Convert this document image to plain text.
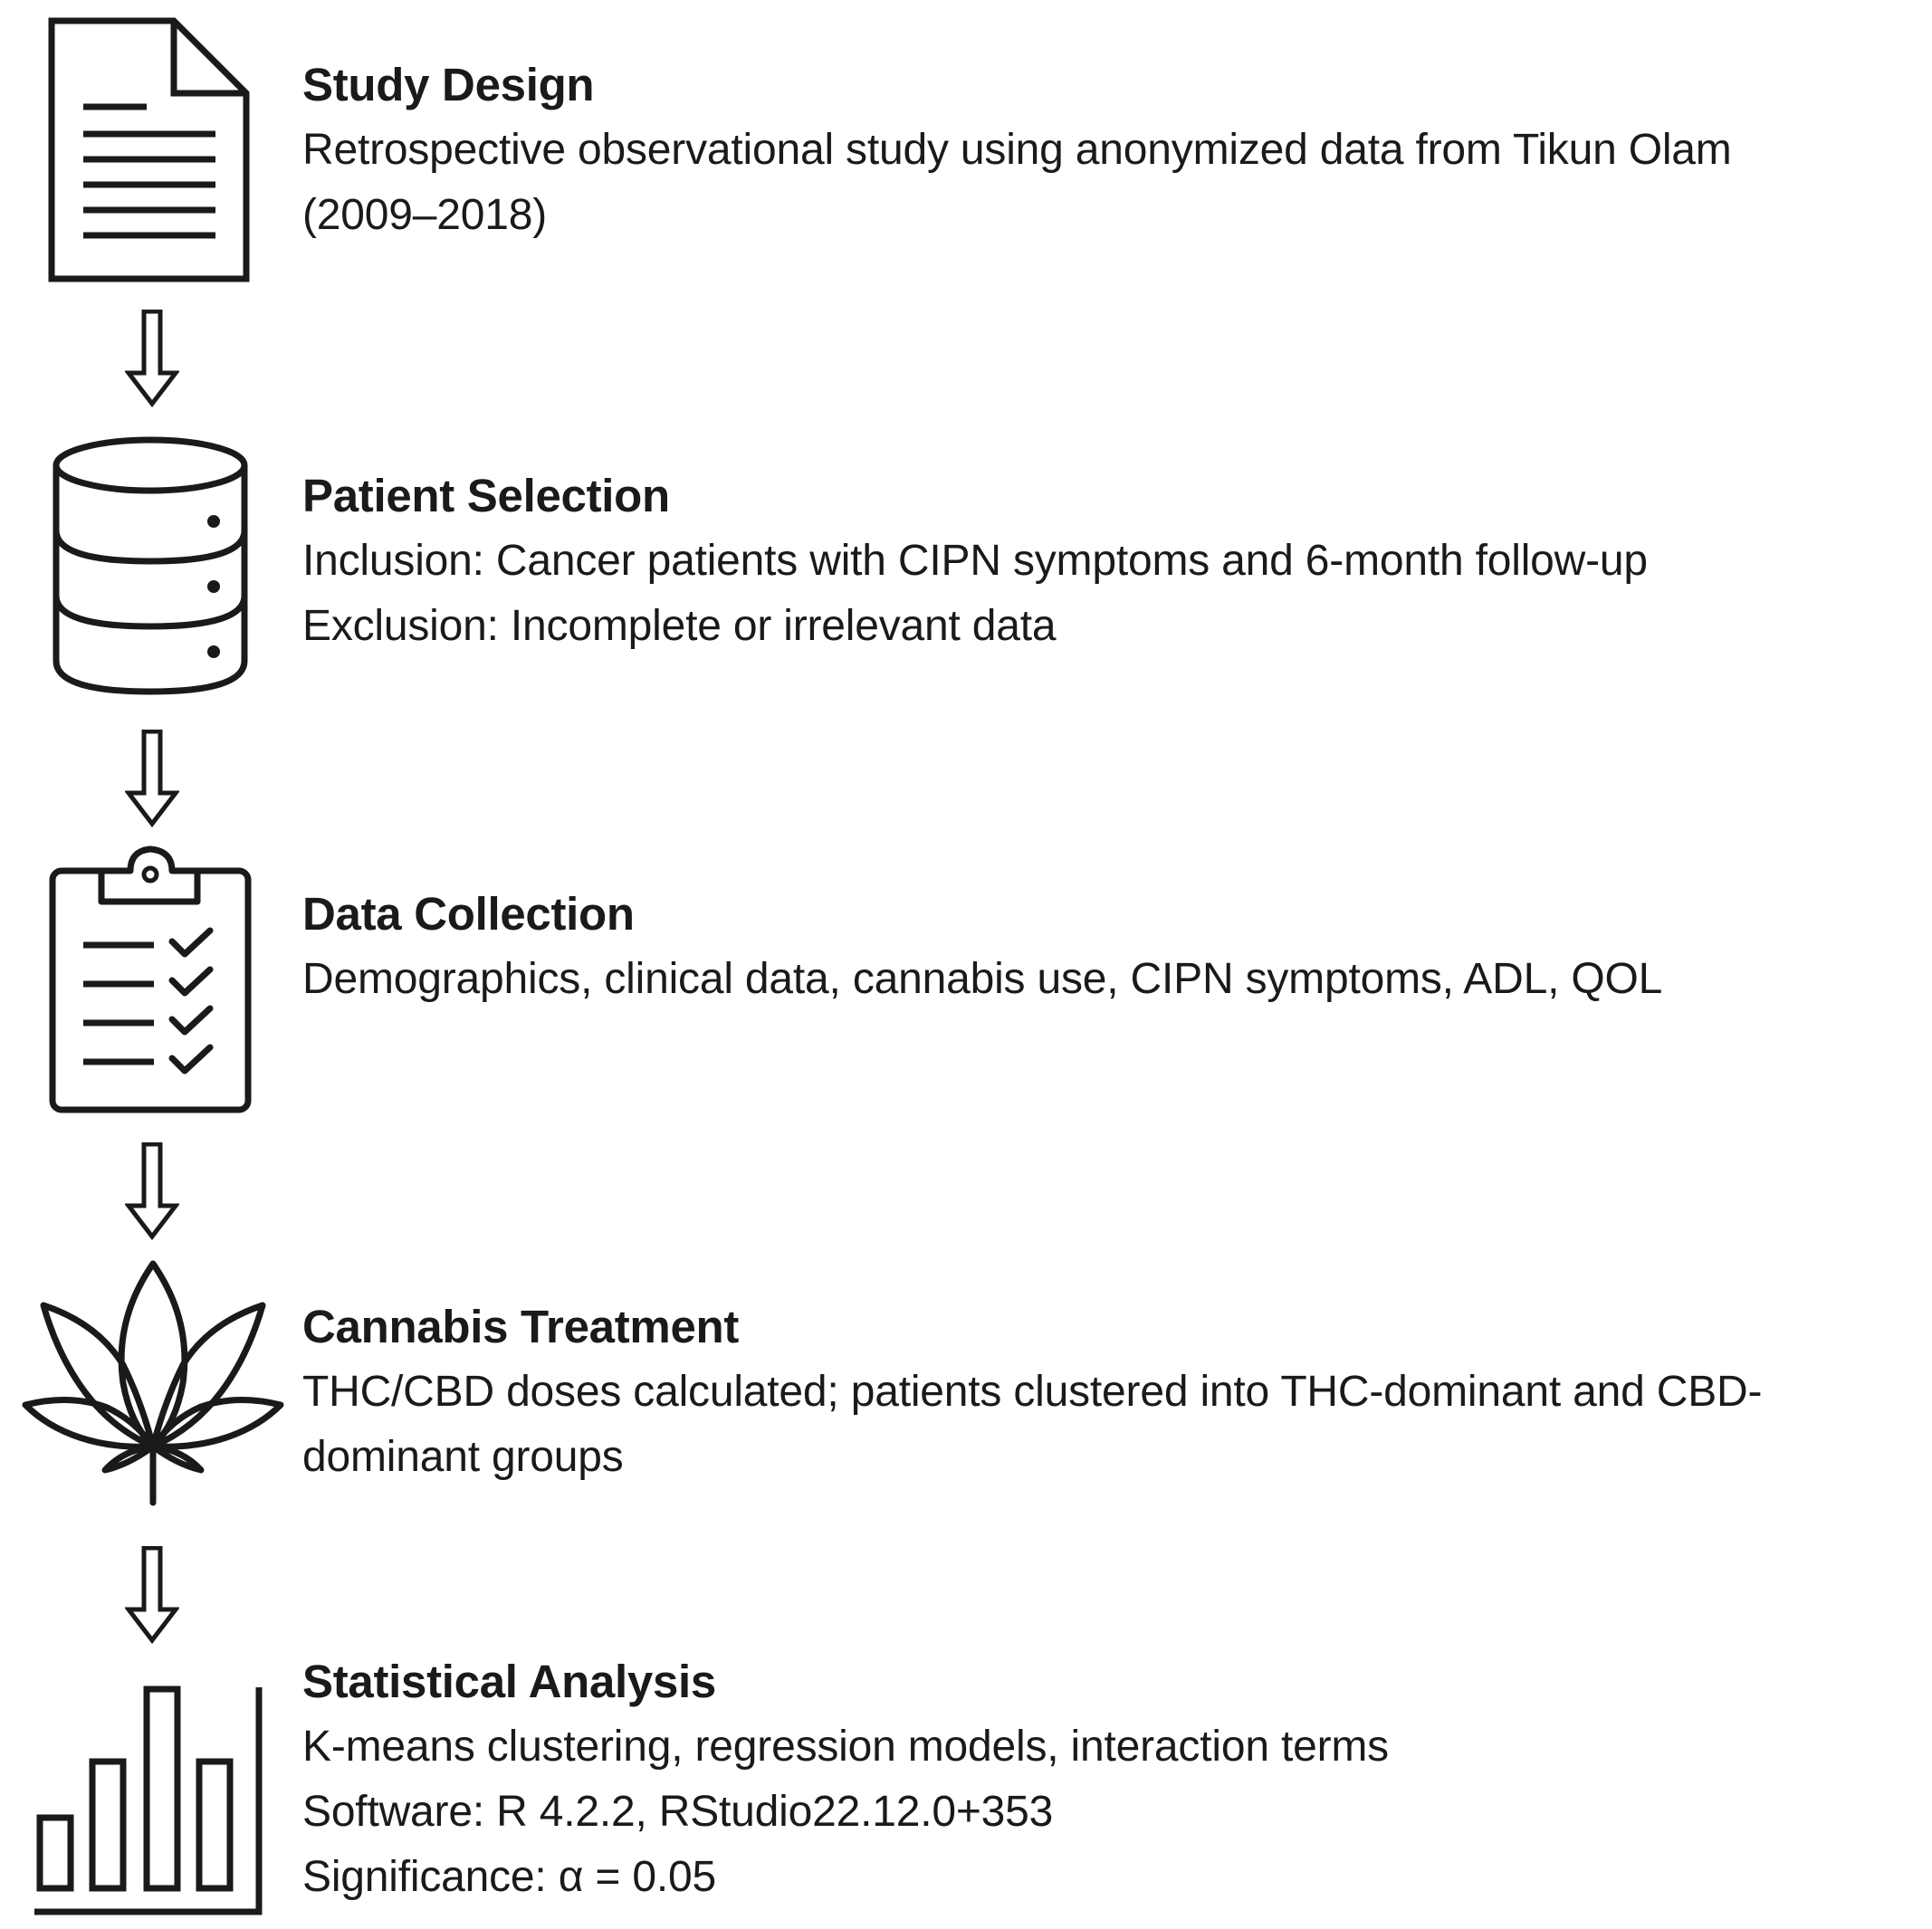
Study Design

Retrospective observational study using anonymized data from Tikun Olam

(2009–2018)

Patient Selection

Inclusion: Cancer patients with CIPN symptoms and 6-month follow-up

Exclusion: Incomplete or irrelevant data

Data Collection

Demographics, clinical data, cannabis use, CIPN symptoms, ADL, QOL

Cannabis Treatment

THC/CBD doses calculated; patients clustered into THC-dominant and CBD-

dominant groups

Statistical Analysis

K-means clustering, regression models, interaction terms

Software: R 4.2.2, RStudio22.12.0+353

Significance: α = 0.05
